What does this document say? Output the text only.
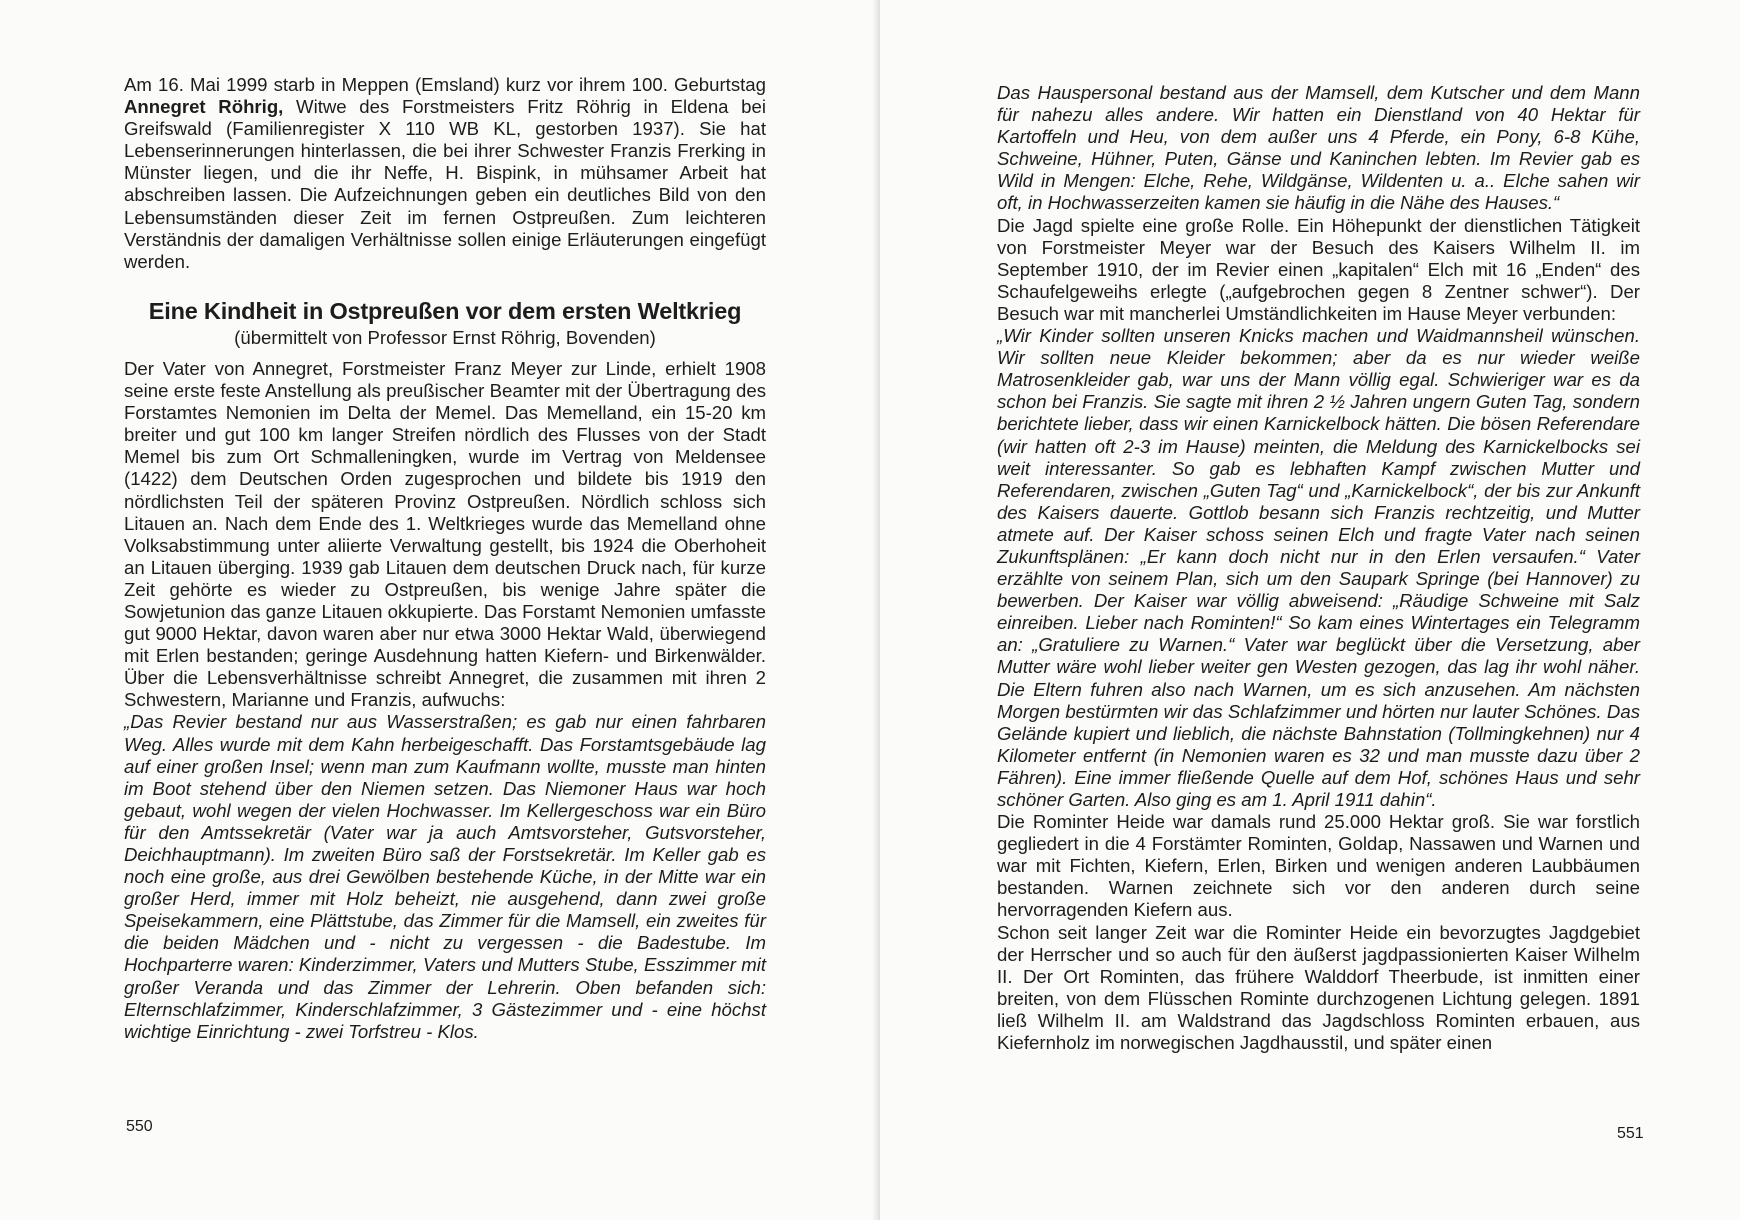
Am 16. Mai 1999 starb in Meppen (Emsland) kurz vor ihrem 100. Geburtstag Annegret Röhrig, Witwe des Forstmeisters Fritz Röhrig in Eldena bei Greifswald (Familienregister X 110 WB KL, gestorben 1937). Sie hat Lebenserinnerungen hinterlassen, die bei ihrer Schwester Franzis Frerking in Münster liegen, und die ihr Neffe, H. Bispink, in mühsamer Arbeit hat abschreiben lassen. Die Aufzeichnungen geben ein deutliches Bild von den Lebensumständen dieser Zeit im fernen Ostpreußen. Zum leichteren Verständnis der damaligen Verhältnisse sollen einige Erläuterungen eingefügt werden.

Eine Kindheit in Ostpreußen vor dem ersten Weltkrieg

(übermittelt von Professor Ernst Röhrig, Bovenden)

Der Vater von Annegret, Forstmeister Franz Meyer zur Linde, erhielt 1908 seine erste feste Anstellung als preußischer Beamter mit der Übertragung des Forstamtes Nemonien im Delta der Memel. Das Memelland, ein 15-20 km breiter und gut 100 km langer Streifen nördlich des Flusses von der Stadt Memel bis zum Ort Schmalleningken, wurde im Vertrag von Meldensee (1422) dem Deutschen Orden zugesprochen und bildete bis 1919 den nördlichsten Teil der späteren Provinz Ostpreußen. Nördlich schloss sich Litauen an. Nach dem Ende des 1. Weltkrieges wurde das Memelland ohne Volksabstimmung unter aliierte Verwaltung gestellt, bis 1924 die Oberhoheit an Litauen überging. 1939 gab Litauen dem deutschen Druck nach, für kurze Zeit gehörte es wieder zu Ostpreußen, bis wenige Jahre später die Sowjetunion das ganze Litauen okkupierte. Das Forstamt Nemonien umfasste gut 9000 Hektar, davon waren aber nur etwa 3000 Hektar Wald, überwiegend mit Erlen bestanden; geringe Ausdehnung hatten Kiefern- und Birkenwälder. Über die Lebensverhältnisse schreibt Annegret, die zusammen mit ihren 2 Schwestern, Marianne und Franzis, aufwuchs:

„Das Revier bestand nur aus Wasserstraßen; es gab nur einen fahrbaren Weg. Alles wurde mit dem Kahn herbeigeschafft. Das Forstamtsgebäude lag auf einer großen Insel; wenn man zum Kaufmann wollte, musste man hinten im Boot stehend über den Niemen setzen. Das Niemoner Haus war hoch gebaut, wohl wegen der vielen Hochwasser. Im Kellergeschoss war ein Büro für den Amtssekretär (Vater war ja auch Amtsvorsteher, Gutsvorsteher, Deichhauptmann). Im zweiten Büro saß der Forstsekretär. Im Keller gab es noch eine große, aus drei Gewölben bestehende Küche, in der Mitte war ein großer Herd, immer mit Holz beheizt, nie ausgehend, dann zwei große Speisekammern, eine Plättstube, das Zimmer für die Mamsell, ein zweites für die beiden Mädchen und - nicht zu vergessen - die Badestube. Im Hochparterre waren: Kinderzimmer, Vaters und Mutters Stube, Esszimmer mit großer Veranda und das Zimmer der Lehrerin. Oben befanden sich: Elternschlafzimmer, Kinderschlafzimmer, 3 Gästezimmer und - eine höchst wichtige Einrichtung - zwei Torfstreu - Klos.

550

Das Hauspersonal bestand aus der Mamsell, dem Kutscher und dem Mann für nahezu alles andere. Wir hatten ein Dienstland von 40 Hektar für Kartoffeln und Heu, von dem außer uns 4 Pferde, ein Pony, 6-8 Kühe, Schweine, Hühner, Puten, Gänse und Kaninchen lebten. Im Revier gab es Wild in Mengen: Elche, Rehe, Wildgänse, Wildenten u. a.. Elche sahen wir oft, in Hochwasserzeiten kamen sie häufig in die Nähe des Hauses.“

Die Jagd spielte eine große Rolle. Ein Höhepunkt der dienstlichen Tätigkeit von Forstmeister Meyer war der Besuch des Kaisers Wilhelm II. im September 1910, der im Revier einen „kapitalen“ Elch mit 16 „Enden“ des Schaufelgeweihs erlegte („aufgebrochen gegen 8 Zentner schwer“). Der Besuch war mit mancherlei Umständlichkeiten im Hause Meyer verbunden:

„Wir Kinder sollten unseren Knicks machen und Waidmannsheil wünschen. Wir sollten neue Kleider bekommen; aber da es nur wieder weiße Matrosenkleider gab, war uns der Mann völlig egal. Schwieriger war es da schon bei Franzis. Sie sagte mit ihren 2 ½ Jahren ungern Guten Tag, sondern berichtete lieber, dass wir einen Karnickelbock hätten. Die bösen Referendare (wir hatten oft 2-3 im Hause) meinten, die Meldung des Karnickelbocks sei weit interessanter. So gab es lebhaften Kampf zwischen Mutter und Referendaren, zwischen „Guten Tag“ und „Karnickelbock“, der bis zur Ankunft des Kaisers dauerte. Gottlob besann sich Franzis rechtzeitig, und Mutter atmete auf. Der Kaiser schoss seinen Elch und fragte Vater nach seinen Zukunftsplänen: „Er kann doch nicht nur in den Erlen versaufen.“ Vater erzählte von seinem Plan, sich um den Saupark Springe (bei Hannover) zu bewerben. Der Kaiser war völlig abweisend: „Räudige Schweine mit Salz einreiben. Lieber nach Rominten!“ So kam eines Wintertages ein Telegramm an: „Gratuliere zu Warnen.“ Vater war beglückt über die Versetzung, aber Mutter wäre wohl lieber weiter gen Westen gezogen, das lag ihr wohl näher. Die Eltern fuhren also nach Warnen, um es sich anzusehen. Am nächsten Morgen bestürmten wir das Schlafzimmer und hörten nur lauter Schönes. Das Gelände kupiert und lieblich, die nächste Bahnstation (Tollmingkehnen) nur 4 Kilometer entfernt (in Nemonien waren es 32 und man musste dazu über 2 Fähren). Eine immer fließende Quelle auf dem Hof, schönes Haus und sehr schöner Garten. Also ging es am 1. April 1911 dahin“.

Die Rominter Heide war damals rund 25.000 Hektar groß. Sie war forstlich gegliedert in die 4 Forstämter Rominten, Goldap, Nassawen und Warnen und war mit Fichten, Kiefern, Erlen, Birken und wenigen anderen Laubbäumen bestanden. Warnen zeichnete sich vor den anderen durch seine hervorragenden Kiefern aus.

Schon seit langer Zeit war die Rominter Heide ein bevorzugtes Jagdgebiet der Herrscher und so auch für den äußerst jagdpassionierten Kaiser Wilhelm II. Der Ort Rominten, das frühere Walddorf Theerbude, ist inmitten einer breiten, von dem Flüsschen Rominte durchzogenen Lichtung gelegen. 1891 ließ Wilhelm II. am Waldstrand das Jagdschloss Rominten erbauen, aus Kiefernholz im norwegischen Jagdhausstil, und später einen

551
